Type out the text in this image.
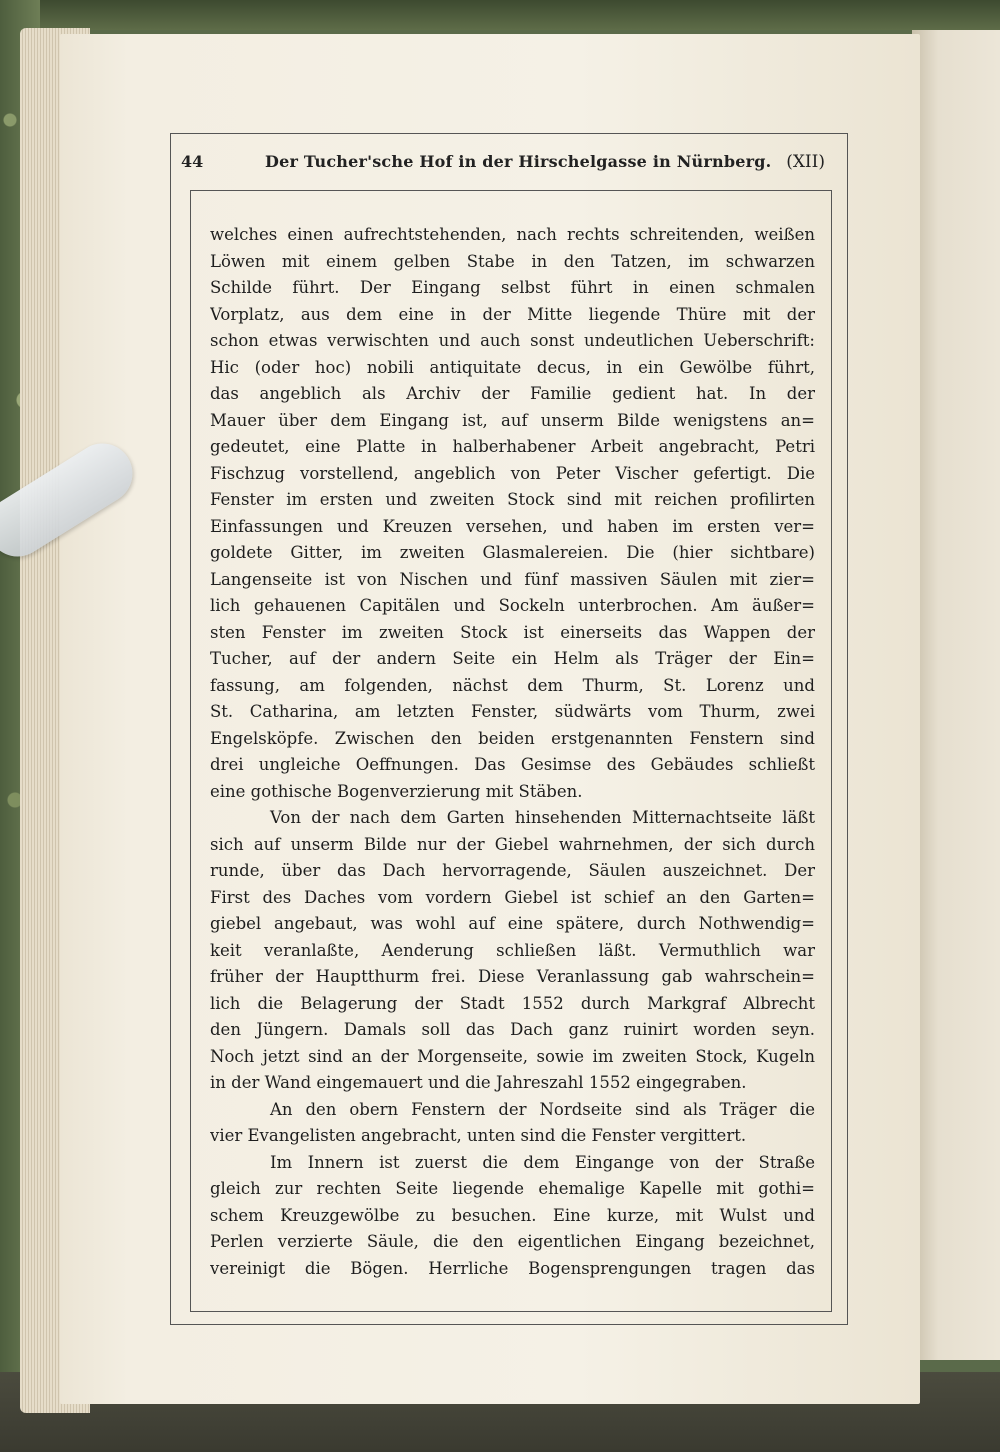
44	Der Tucher'sche Hof in der Hirschelgasse in Nürnberg. (XII)
welches einen aufrechtstehenden, nach rechts schreitenden, weißen
Löwen mit einem gelben Stabe in den Tatzen, im schwarzen
Schilde führt. Der Eingang selbst führt in einen schmalen
Vorplatz, aus dem eine in der Mitte liegende Thüre mit der
schon etwas verwischten und auch sonst undeutlichen Ueberschrift:
Hic (oder hoc) nobili antiquitate decus, in ein Gewölbe führt,
das angeblich als Archiv der Familie gedient hat. In der
Mauer über dem Eingang ist, auf unserm Bilde wenigstens an=
gedeutet, eine Platte in halberhabener Arbeit angebracht, Petri
Fischzug vorstellend, angeblich von Peter Vischer gefertigt. Die
Fenster im ersten und zweiten Stock sind mit reichen profilirten
Einfassungen und Kreuzen versehen, und haben im ersten ver=
goldete Gitter, im zweiten Glasmalereien. Die (hier sichtbare)
Langenseite ist von Nischen und fünf massiven Säulen mit zier=
lich gehauenen Capitälen und Sockeln unterbrochen. Am äußer=
sten Fenster im zweiten Stock ist einerseits das Wappen der
Tucher, auf der andern Seite ein Helm als Träger der Ein=
fassung, am folgenden, nächst dem Thurm, St. Lorenz und
St. Catharina, am letzten Fenster, südwärts vom Thurm, zwei
Engelsköpfe. Zwischen den beiden erstgenannten Fenstern sind
drei ungleiche Oeffnungen. Das Gesimse des Gebäudes schließt
eine gothische Bogenverzierung mit Stäben.
Von der nach dem Garten hinsehenden Mitternachtseite läßt
sich auf unserm Bilde nur der Giebel wahrnehmen, der sich durch
runde, über das Dach hervorragende, Säulen auszeichnet. Der
First des Daches vom vordern Giebel ist schief an den Garten=
giebel angebaut, was wohl auf eine spätere, durch Nothwendig=
keit veranlaßte, Aenderung schließen läßt. Vermuthlich war
früher der Hauptthurm frei. Diese Veranlassung gab wahrschein=
lich die Belagerung der Stadt 1552 durch Markgraf Albrecht
den Jüngern. Damals soll das Dach ganz ruinirt worden seyn.
Noch jetzt sind an der Morgenseite, sowie im zweiten Stock, Kugeln
in der Wand eingemauert und die Jahreszahl 1552 eingegraben.
An den obern Fenstern der Nordseite sind als Träger die
vier Evangelisten angebracht, unten sind die Fenster vergittert.
Im Innern ist zuerst die dem Eingange von der Straße
gleich zur rechten Seite liegende ehemalige Kapelle mit gothi=
schem Kreuzgewölbe zu besuchen. Eine kurze, mit Wulst und
Perlen verzierte Säule, die den eigentlichen Eingang bezeichnet,
vereinigt die Bögen. Herrliche Bogensprengungen tragen das
